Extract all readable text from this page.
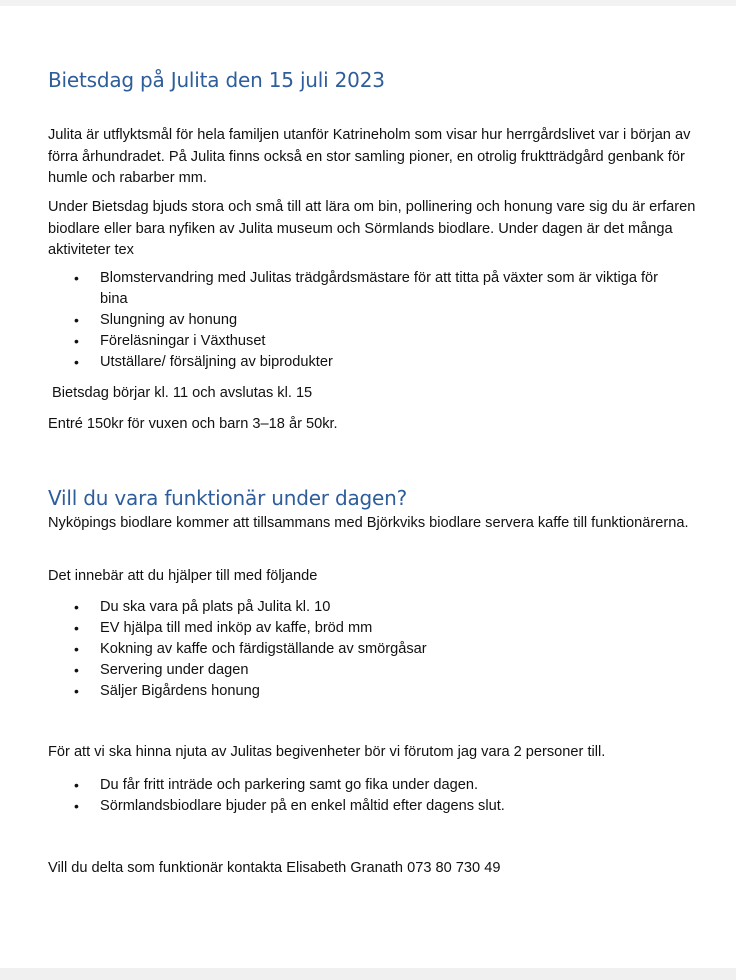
Bietsdag på Julita den 15 juli 2023

Julita är utflyktsmål för hela familjen utanför Katrineholm som visar hur herrgårdslivet var i början av förra århundradet. På Julita finns också en stor samling pioner, en otrolig fruktträdgård genbank för humle och rabarber mm.

Under Bietsdag bjuds stora och små till att lära om bin, pollinering och honung vare sig du är erfaren biodlare eller bara nyfiken av Julita museum och Sörmlands biodlare. Under dagen är det många aktiviteter tex

• Blomstervandring med Julitas trädgårdsmästare för att titta på växter som är viktiga för bina
• Slungning av honung
• Föreläsningar i Växthuset
• Utställare/ försäljning av biprodukter

Bietsdag börjar kl. 11 och avslutas kl. 15

Entré 150kr för vuxen och barn 3–18 år 50kr.

Vill du vara funktionär under dagen?

Nyköpings biodlare kommer att tillsammans med Björkviks biodlare servera kaffe till funktionärerna.

Det innebär att du hjälper till med följande

• Du ska vara på plats på Julita kl. 10
• EV hjälpa till med inköp av kaffe, bröd mm
• Kokning av kaffe och färdigställande av smörgåsar
• Servering under dagen
• Säljer Bigårdens honung

För att vi ska hinna njuta av Julitas begivenheter bör vi förutom jag vara 2 personer till.

• Du får fritt inträde och parkering samt go fika under dagen.
• Sörmlandsbiodlare bjuder på en enkel måltid efter dagens slut.

Vill du delta som funktionär kontakta Elisabeth Granath 073 80 730 49
